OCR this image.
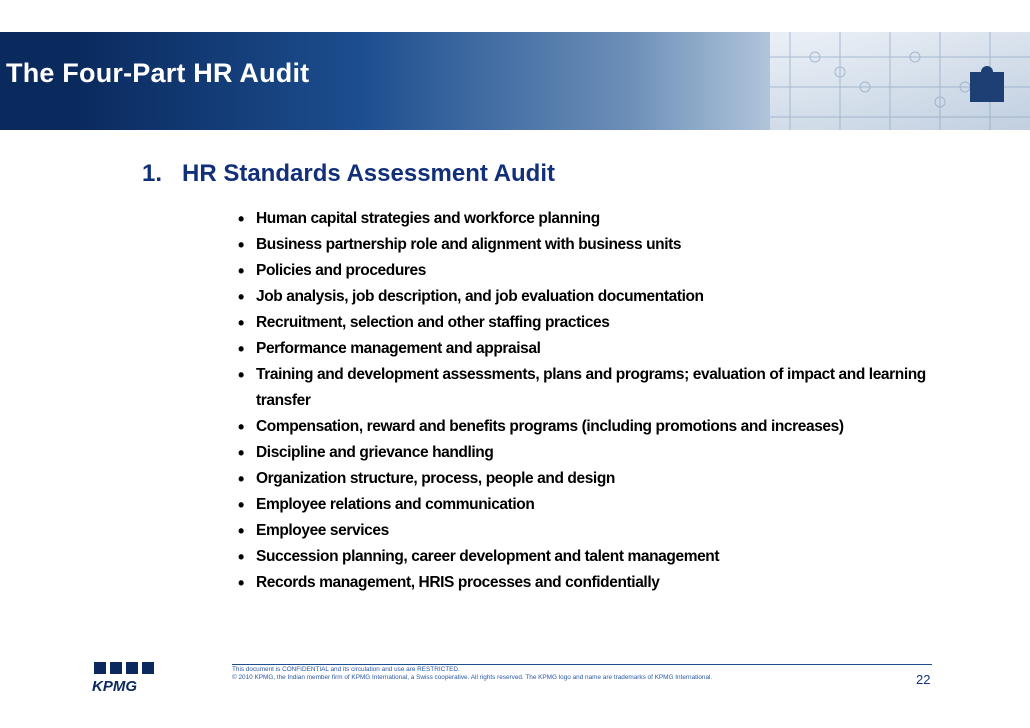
The Four-Part HR Audit
1. HR Standards Assessment Audit
• Human capital strategies and workforce planning
• Business partnership role and alignment with business units
• Policies and procedures
• Job analysis, job description, and job evaluation documentation
• Recruitment, selection and other staffing practices
• Performance management and appraisal
• Training and development assessments, plans and programs; evaluation of impact and learning transfer
• Compensation, reward and benefits programs (including promotions and increases)
• Discipline and grievance handling
• Organization structure, process, people and design
• Employee relations and communication
• Employee services
• Succession planning, career development and talent management
• Records management, HRIS processes and confidentially
KPMG
This document is CONFIDENTIAL and its circulation and use are RESTRICTED.
© 2010 KPMG, the Indian member firm of KPMG International, a Swiss cooperative. All rights reserved. The KPMG logo and name are trademarks of KPMG International.	22
